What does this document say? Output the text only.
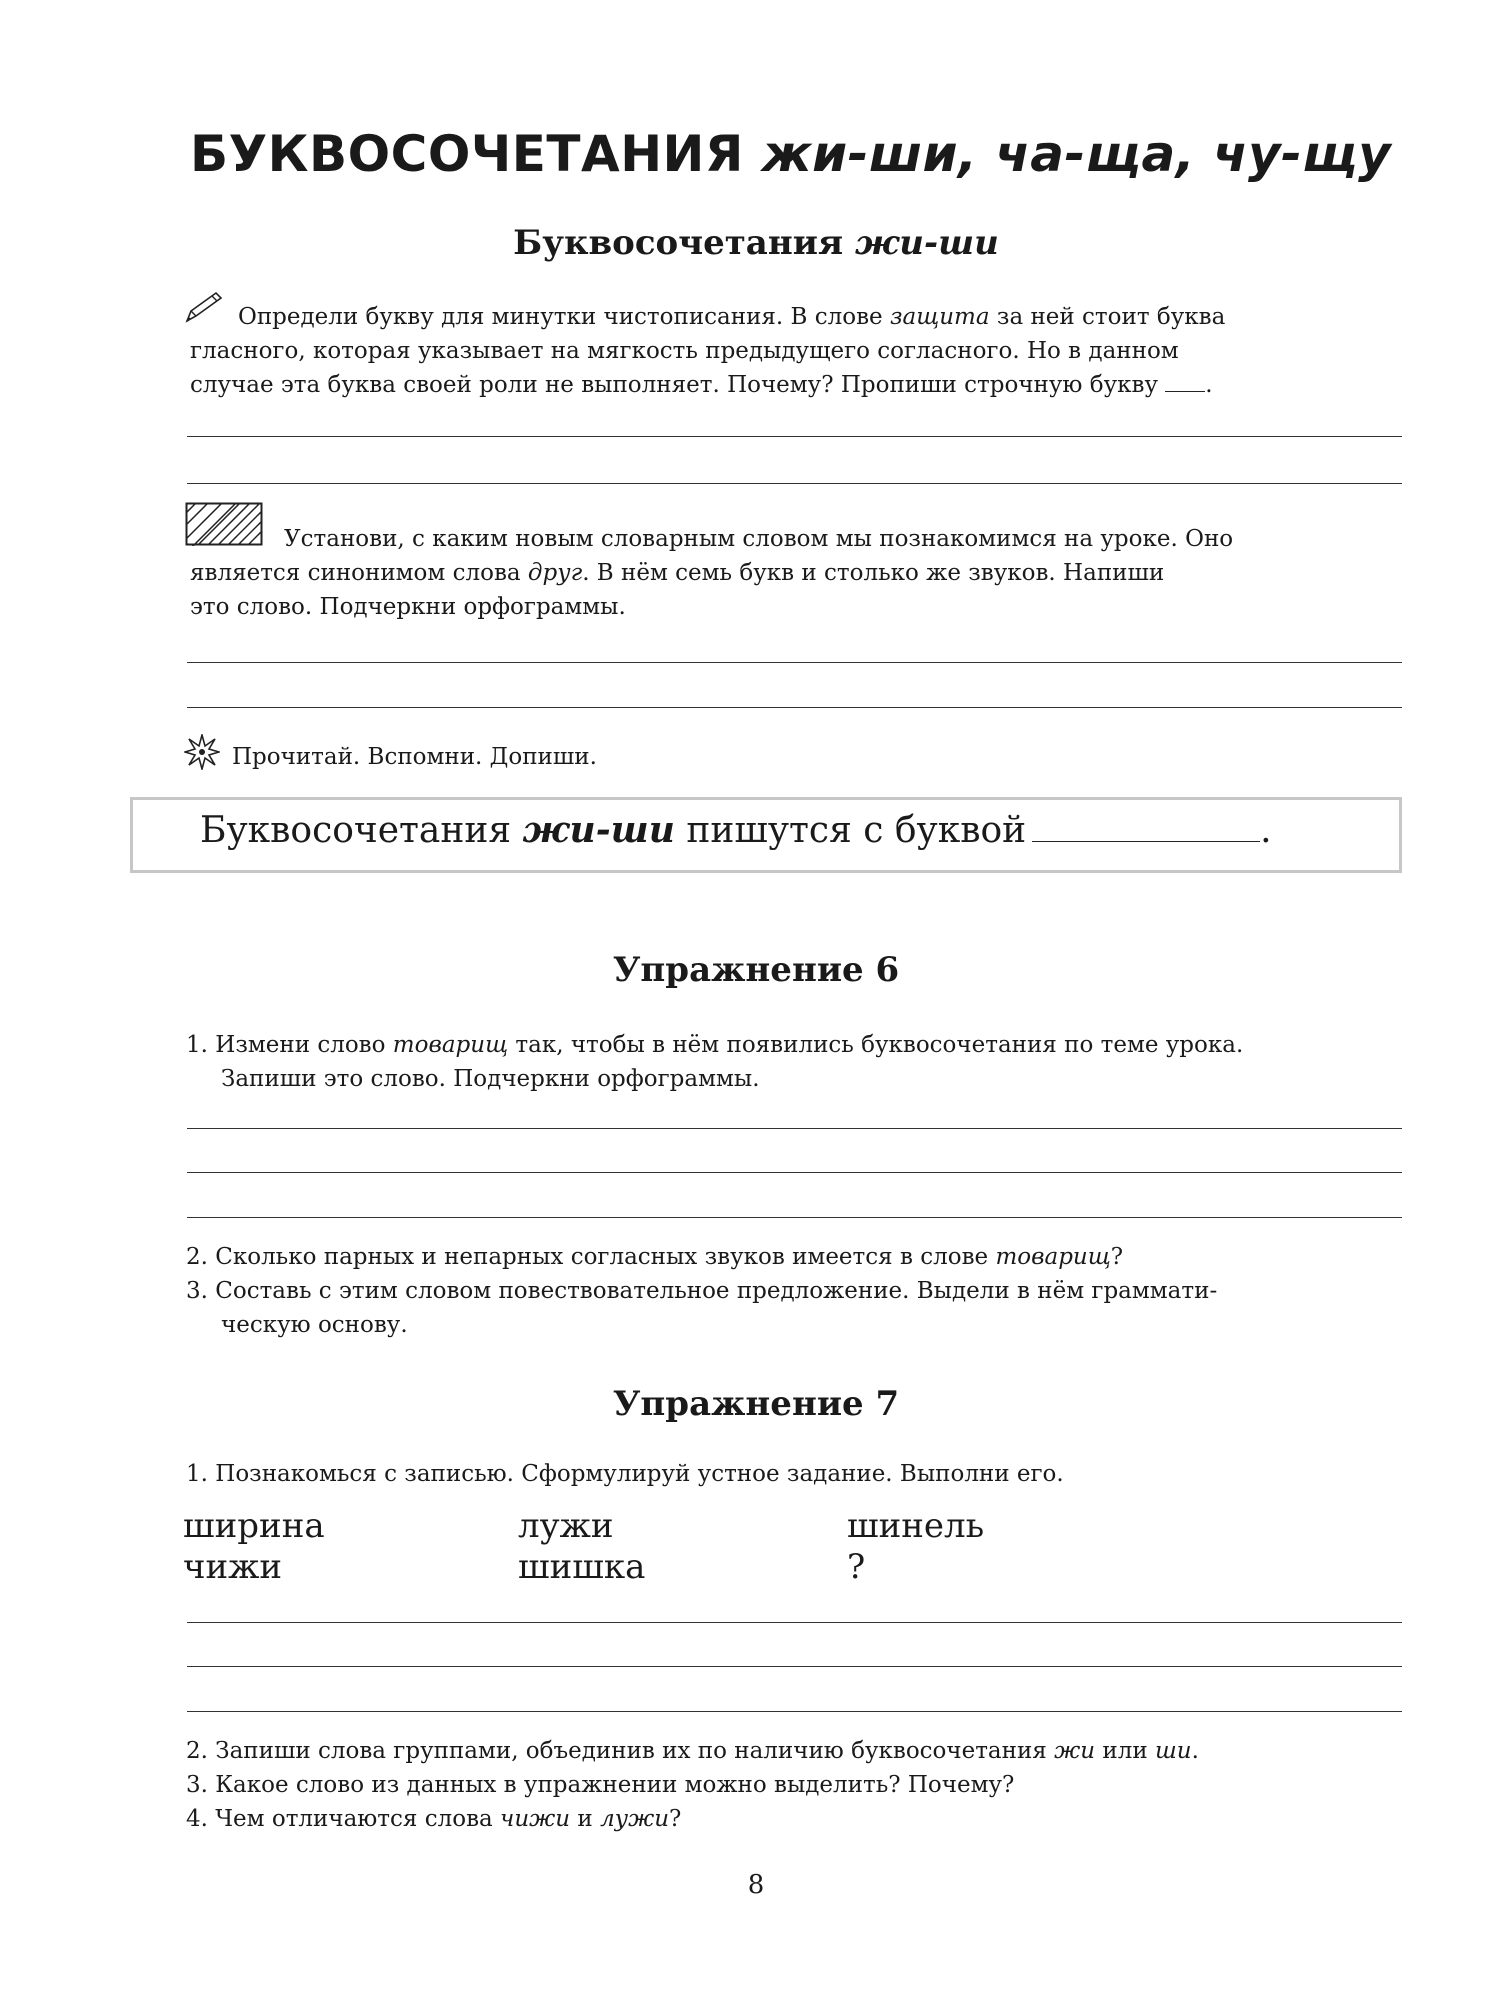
БУКВОСОЧЕТАНИЯ жи-ши, ча-ща, чу-щу
Буквосочетания жи-ши
Определи букву для минутки чистописания. В слове защита за ней стоит буква
гласного, которая указывает на мягкость предыдущего согласного. Но в данном
случае эта буква своей роли не выполняет. Почему? Пропиши строчную букву .
Установи, с каким новым словарным словом мы познакомимся на уроке. Оно
является синонимом слова друг. В нём семь букв и столько же звуков. Напиши
это слово. Подчеркни орфограммы.
Прочитай. Вспомни. Допиши.
Буквосочетания жи-ши пишутся с буквой	.
Упражнение 6
1. Измени слово товарищ так, чтобы в нём появились буквосочетания по теме урока.
Запиши это слово. Подчеркни орфограммы.
2. Сколько парных и непарных согласных звуков имеется в слове товарищ?
3. Составь с этим словом повествовательное предложение. Выдели в нём граммати-
ческую основу.
Упражнение 7
1. Познакомься с записью. Сформулируй устное задание. Выполни его.
ширина
чижи
лужи
шишка
шинель
?
2. Запиши слова группами, объединив их по наличию буквосочетания жи или ши.
3. Какое слово из данных в упражнении можно выделить? Почему?
4. Чем отличаются слова чижи и лужи?
8
